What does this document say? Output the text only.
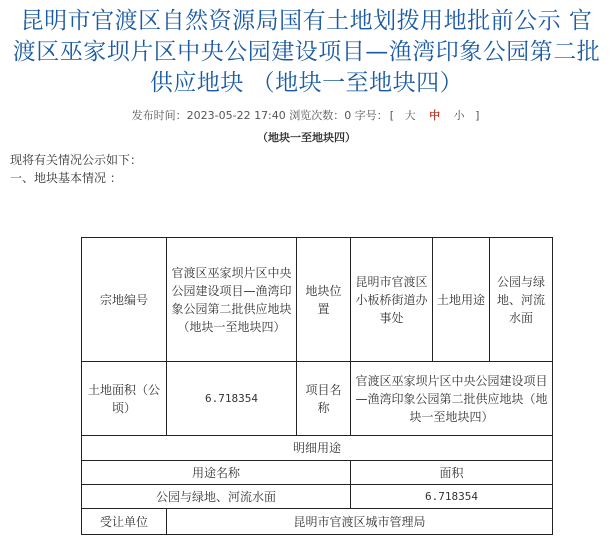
昆明市官渡区自然资源局国有土地划拨用地批前公示 官渡区巫家坝片区中央公园建设项目—渔湾印象公园第二批供应地块 （地块一至地块四）
发布时间：2023-05-22 17:40 浏览次数：0 字号： [ 大 中 小 ]
（地块一至地块四）
现将有关情况公示如下：
一、地块基本情况 ：
宗地编号	官渡区巫家坝片区中央公园建设项目—渔湾印象公园第二批供应地块（地块一至地块四）	地块位置	昆明市官渡区小板桥街道办事处	土地用途	公园与绿地、河流水面
土地面积（公顷）	6.718354	项目名称	官渡区巫家坝片区中央公园建设项目—渔湾印象公园第二批供应地块（地块一至地块四）		
明细用途					
用途名称			面积		
公园与绿地、河流水面			6.718354		
受让单位	昆明市官渡区城市管理局				
